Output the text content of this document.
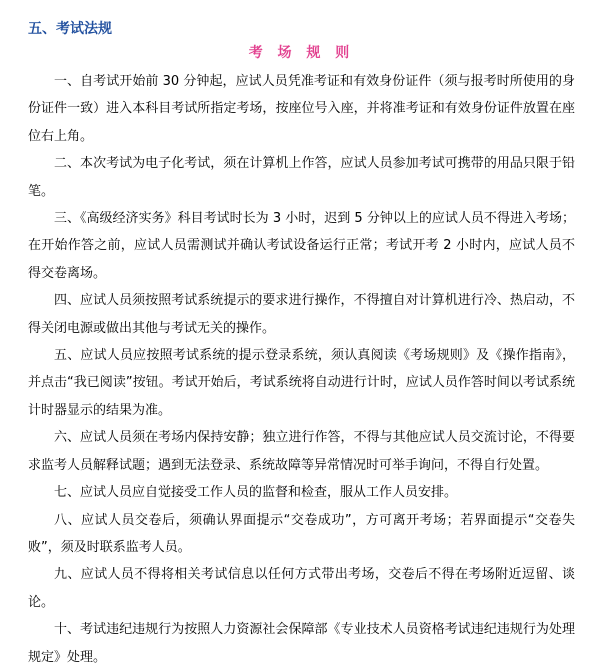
五、考试法规
考 场 规 则

一、自考试开始前 30 分钟起，应试人员凭准考证和有效身份证件（须与报考时所使用的身份证件一致）进入本科目考试所指定考场，按座位号入座，并将准考证和有效身份证件放置在座位右上角。

二、本次考试为电子化考试，须在计算机上作答，应试人员参加考试可携带的用品只限于铅笔。

三、《高级经济实务》科目考试时长为 3 小时，迟到 5 分钟以上的应试人员不得进入考场；在开始作答之前，应试人员需测试并确认考试设备运行正常；考试开考 2 小时内，应试人员不得交卷离场。

四、应试人员须按照考试系统提示的要求进行操作，不得擅自对计算机进行冷、热启动，不得关闭电源或做出其他与考试无关的操作。

五、应试人员应按照考试系统的提示登录系统，须认真阅读《考场规则》及《操作指南》，并点击“我已阅读”按钮。考试开始后，考试系统将自动进行计时，应试人员作答时间以考试系统计时器显示的结果为准。

六、应试人员须在考场内保持安静；独立进行作答，不得与其他应试人员交流讨论，不得要求监考人员解释试题；遇到无法登录、系统故障等异常情况时可举手询问，不得自行处置。

七、应试人员应自觉接受工作人员的监督和检查，服从工作人员安排。

八、应试人员交卷后，须确认界面提示“交卷成功”，方可离开考场；若界面提示“交卷失败”，须及时联系监考人员。

九、应试人员不得将相关考试信息以任何方式带出考场，交卷后不得在考场附近逗留、谈论。

十、考试违纪违规行为按照人力资源社会保障部《专业技术人员资格考试违纪违规行为处理规定》处理。
